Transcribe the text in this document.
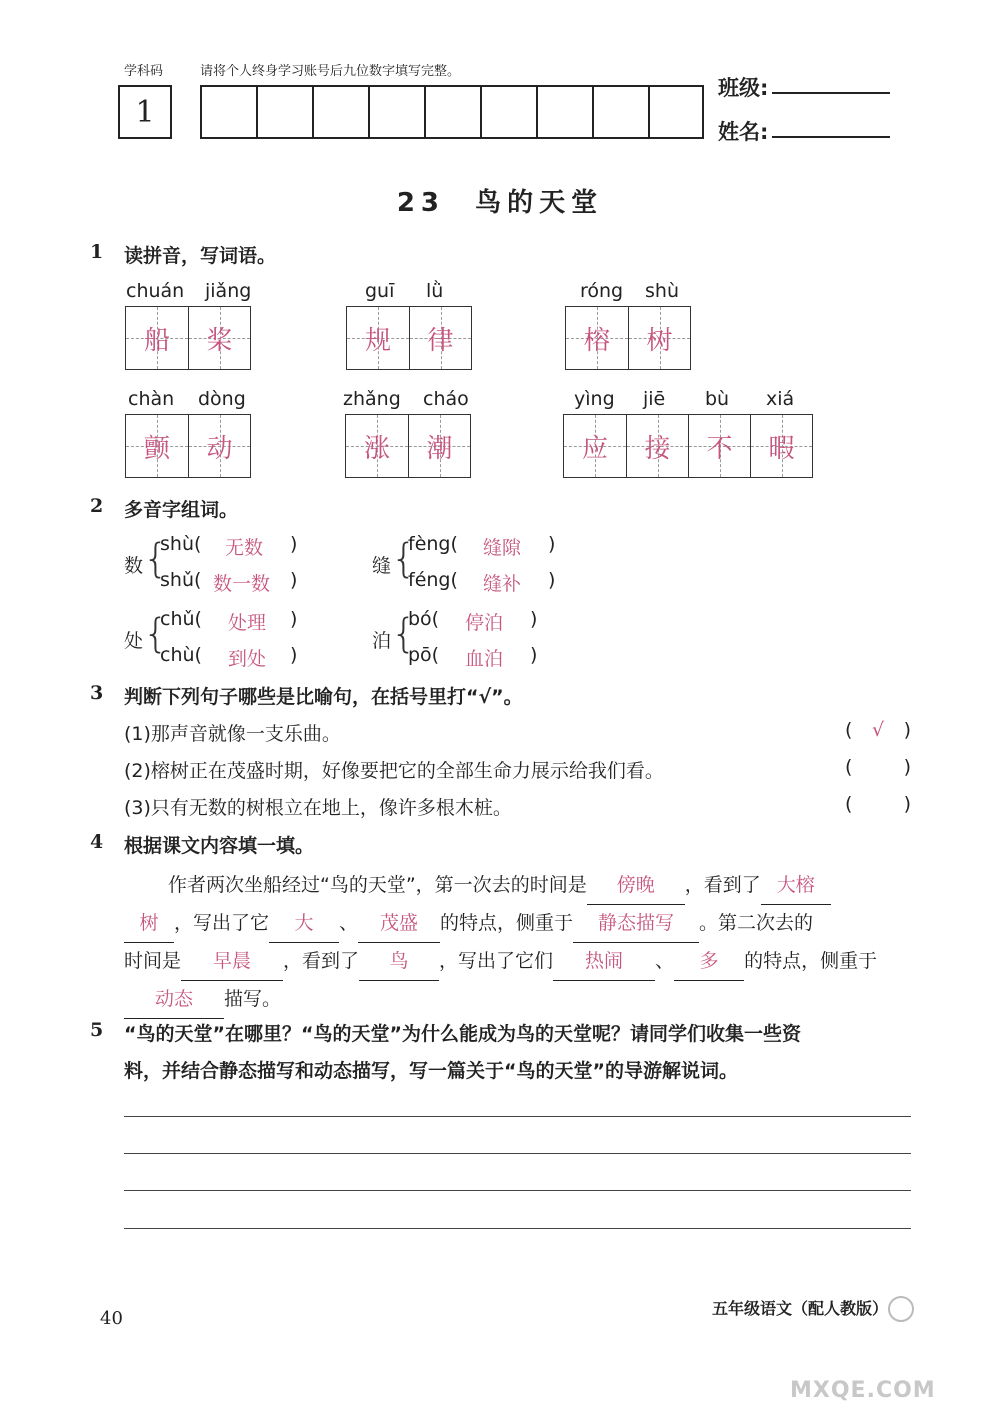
学科码	请将个人终身学习账号后九位数字填写完整。
1
班级:
姓名:
23  鸟的天堂
1 读拼音，写词语。
chuán jiǎng
船 桨
guī lǜ
规 律
róng shù
榕 树
chàn dòng
颤 动
zhǎng cháo
涨 潮
yìng jiē bù xiá
应 接 不 暇
2 多音字组词。
数 {
shù( 无数 )
shǔ( 数一数 )
缝 {
fèng( 缝隙 )
féng( 缝补 )
处 {
chǔ( 处理 )
chù( 到处 )
泊 {
bó( 停泊 )
pō( 血泊 )
3 判断下列句子哪些是比喻句，在括号里打“√”。
(1)那声音就像一支乐曲。	( √ )
(2)榕树正在茂盛时期，好像要把它的全部生命力展示给我们看。	(	)
(3)只有无数的树根立在地上，像许多根木桩。	(	)
4 根据课文内容填一填。
作者两次坐船经过“鸟的天堂”，第一次去的时间是 傍晚 ，看到了 大榕
树 ，写出了它 大 、 茂盛 的特点，侧重于 静态描写 。第二次去的
时间是 早晨 ，看到了 鸟 ，写出了它们 热闹 、 多 的特点，侧重于
动态 描写。
5 “鸟的天堂”在哪里？“鸟的天堂”为什么能成为鸟的天堂呢？请同学们收集一些资
料，并结合静态描写和动态描写，写一篇关于“鸟的天堂”的导游解说词。
40	五年级语文（配人教版）
MXQE.COM
